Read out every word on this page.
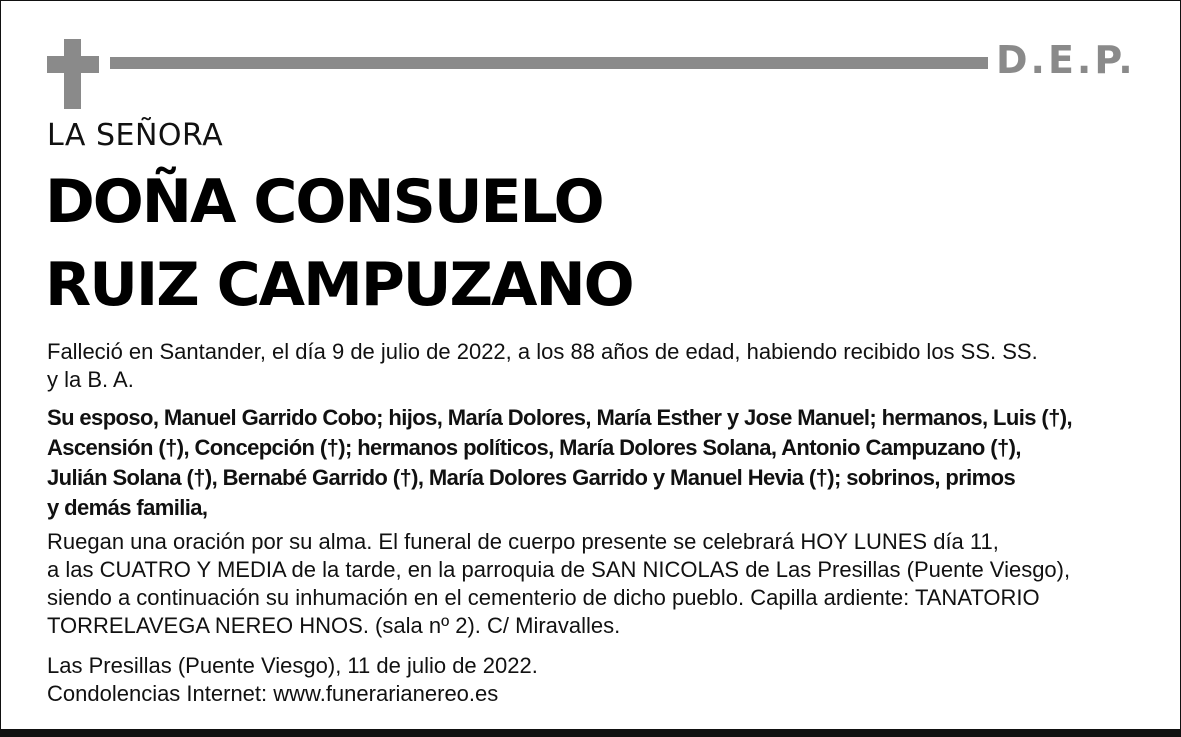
D.E.P.
LA SEÑORA
DOÑA CONSUELO
RUIZ CAMPUZANO
Falleció en Santander, el día 9 de julio de 2022, a los 88 años de edad, habiendo recibido los SS. SS.
y la B. A.
Su esposo, Manuel Garrido Cobo; hijos, María Dolores, María Esther y Jose Manuel; hermanos, Luis (†),
Ascensión (†), Concepción (†); hermanos políticos, María Dolores Solana, Antonio Campuzano (†),
Julián Solana (†), Bernabé Garrido (†), María Dolores Garrido y Manuel Hevia (†); sobrinos, primos
y demás familia,
Ruegan una oración por su alma. El funeral de cuerpo presente se celebrará HOY LUNES día 11,
a las CUATRO Y MEDIA de la tarde, en la parroquia de SAN NICOLAS de Las Presillas (Puente Viesgo),
siendo a continuación su inhumación en el cementerio de dicho pueblo. Capilla ardiente: TANATORIO
TORRELAVEGA NEREO HNOS. (sala nº 2). C/ Miravalles.
Las Presillas (Puente Viesgo), 11 de julio de 2022.
Condolencias Internet: www.funerarianereo.es
